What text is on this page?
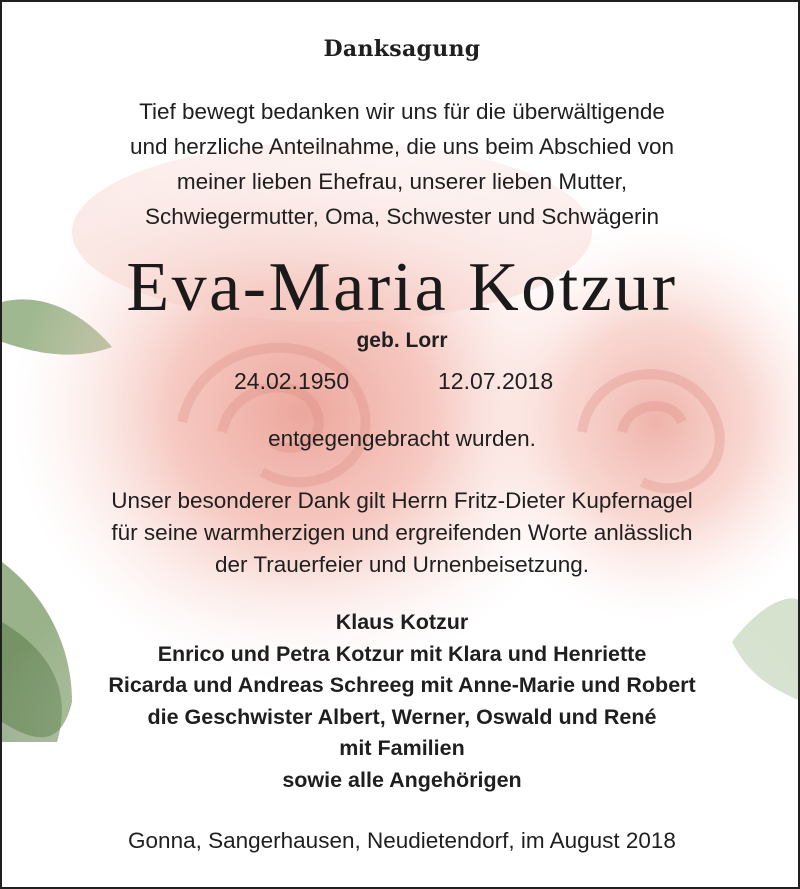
Danksagung
Tief bewegt bedanken wir uns für die überwältigende
und herzliche Anteilnahme, die uns beim Abschied von
meiner lieben Ehefrau, unserer lieben Mutter,
Schwiegermutter, Oma, Schwester und Schwägerin
Eva-Maria Kotzur
geb. Lorr
24.02.1950	12.07.2018
entgegengebracht wurden.
Unser besonderer Dank gilt Herrn Fritz-Dieter Kupfernagel
für seine warmherzigen und ergreifenden Worte anlässlich
der Trauerfeier und Urnenbeisetzung.
Klaus Kotzur
Enrico und Petra Kotzur mit Klara und Henriette
Ricarda und Andreas Schreeg mit Anne-Marie und Robert
die Geschwister Albert, Werner, Oswald und René
mit Familien
sowie alle Angehörigen
Gonna, Sangerhausen, Neudietendorf, im August 2018
